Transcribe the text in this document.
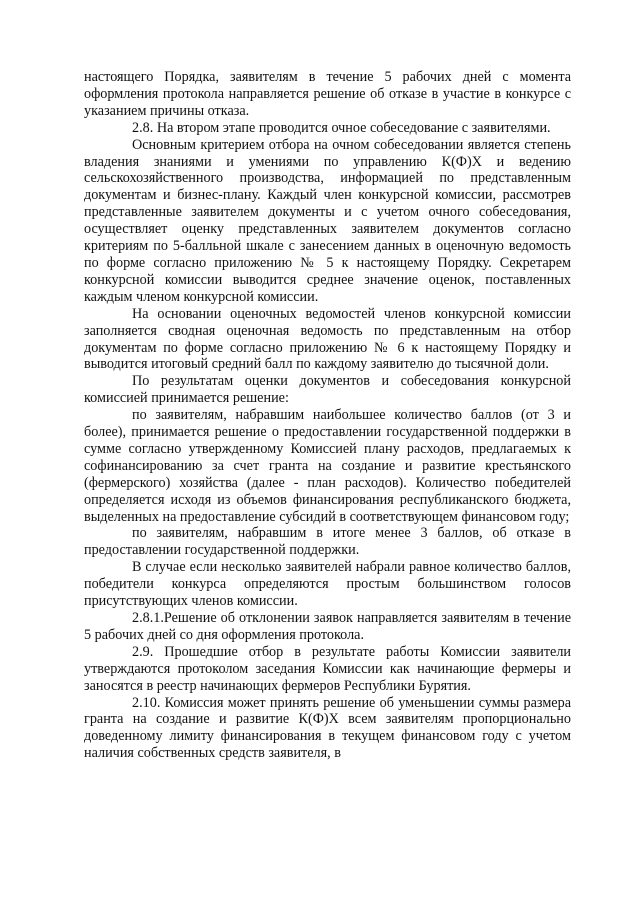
настоящего Порядка, заявителям в течение 5 рабочих дней с момента оформления протокола направляется решение об отказе в участие в конкурсе с указанием причины отказа.

2.8. На втором этапе проводится очное собеседование с заявителями.

Основным критерием отбора на очном собеседовании является степень владения знаниями и умениями по управлению К(Ф)Х и ведению сельскохозяйственного производства, информацией по представленным документам и бизнес-плану. Каждый член конкурсной комиссии, рассмотрев представленные заявителем документы и с учетом очного собеседования, осуществляет оценку представленных заявителем документов согласно критериям по 5-балльной шкале с занесением данных в оценочную ведомость по форме согласно приложению № 5 к настоящему Порядку. Секретарем конкурсной комиссии выводится среднее значение оценок, поставленных каждым членом конкурсной комиссии.

На основании оценочных ведомостей членов конкурсной комиссии заполняется сводная оценочная ведомость по представленным на отбор документам по форме согласно приложению № 6 к настоящему Порядку и выводится итоговый средний балл по каждому заявителю до тысячной доли.

По результатам оценки документов и собеседования конкурсной комиссией принимается решение:

по заявителям, набравшим наибольшее количество баллов (от 3 и более), принимается решение о предоставлении государственной поддержки в сумме согласно утвержденному Комиссией плану расходов, предлагаемых к софинансированию за счет гранта на создание и развитие крестьянского (фермерского) хозяйства (далее - план расходов). Количество победителей определяется исходя из объемов финансирования республиканского бюджета, выделенных на предоставление субсидий в соответствующем финансовом году;

по заявителям, набравшим в итоге менее 3 баллов, об отказе в предоставлении государственной поддержки.

В случае если несколько заявителей набрали равное количество баллов, победители конкурса определяются простым большинством голосов присутствующих членов комиссии.

2.8.1.Решение об отклонении заявок направляется заявителям в течение 5 рабочих дней со дня оформления протокола.

2.9. Прошедшие отбор в результате работы Комиссии заявители утверждаются протоколом заседания Комиссии как начинающие фермеры и заносятся в реестр начинающих фермеров Республики Бурятия.

2.10. Комиссия может принять решение об уменьшении суммы размера гранта на создание и развитие К(Ф)Х всем заявителям пропорционально доведенному лимиту финансирования в текущем финансовом году с учетом наличия собственных средств заявителя, в
